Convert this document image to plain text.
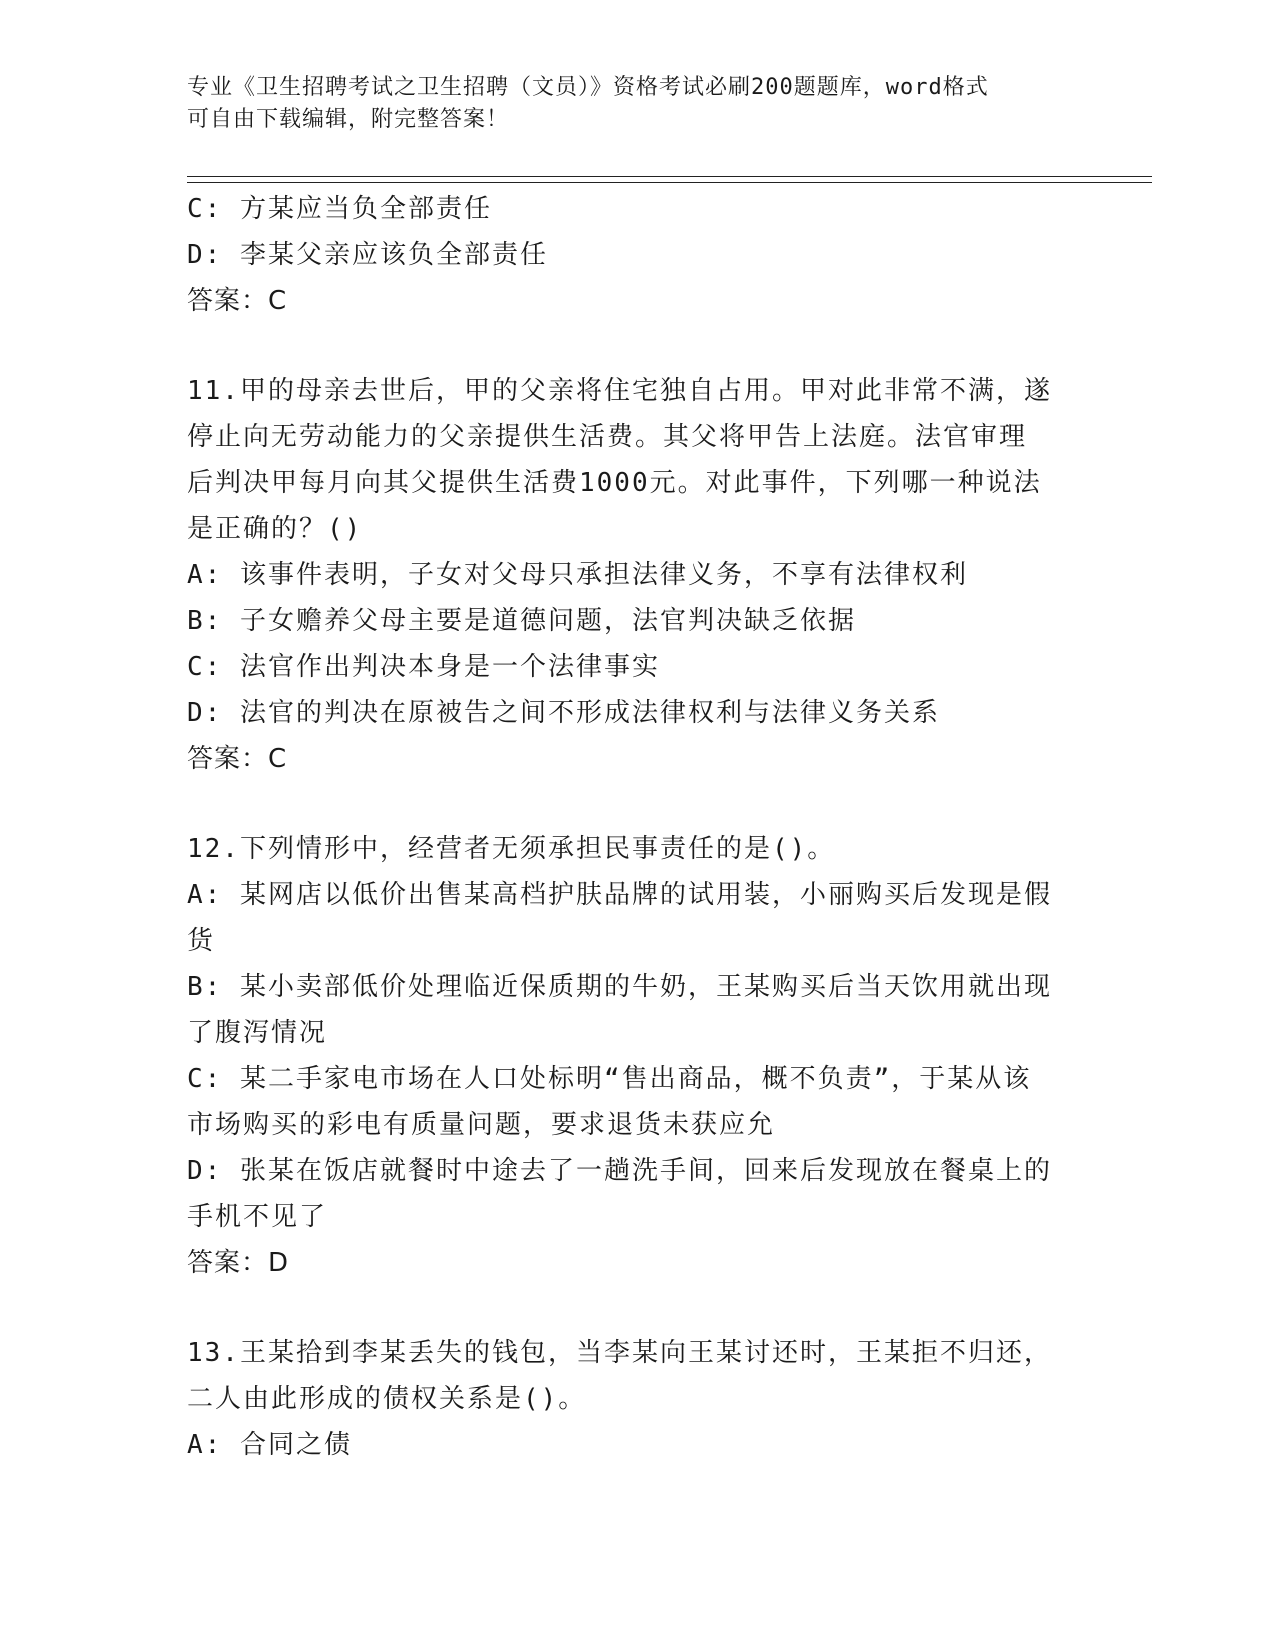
专业《卫生招聘考试之卫生招聘（文员）》资格考试必刷200题题库，word格式
可自由下载编辑，附完整答案！
C: 方某应当负全部责任
D: 李某父亲应该负全部责任
答案：C
11.甲的母亲去世后，甲的父亲将住宅独自占用。甲对此非常不满，遂
停止向无劳动能力的父亲提供生活费。其父将甲告上法庭。法官审理
后判决甲每月向其父提供生活费1000元。对此事件，下列哪一种说法
是正确的？()
A: 该事件表明，子女对父母只承担法律义务，不享有法律权利
B: 子女赡养父母主要是道德问题，法官判决缺乏依据
C: 法官作出判决本身是一个法律事实
D: 法官的判决在原被告之间不形成法律权利与法律义务关系
答案：C
12.下列情形中，经营者无须承担民事责任的是()。
A: 某网店以低价出售某高档护肤品牌的试用装，小丽购买后发现是假
货
B: 某小卖部低价处理临近保质期的牛奶，王某购买后当天饮用就出现
了腹泻情况
C: 某二手家电市场在人口处标明“售出商品，概不负责”，于某从该
市场购买的彩电有质量问题，要求退货未获应允
D: 张某在饭店就餐时中途去了一趟洗手间，回来后发现放在餐桌上的
手机不见了
答案：D
13.王某拾到李某丢失的钱包，当李某向王某讨还时，王某拒不归还，
二人由此形成的债权关系是()。
A: 合同之债
